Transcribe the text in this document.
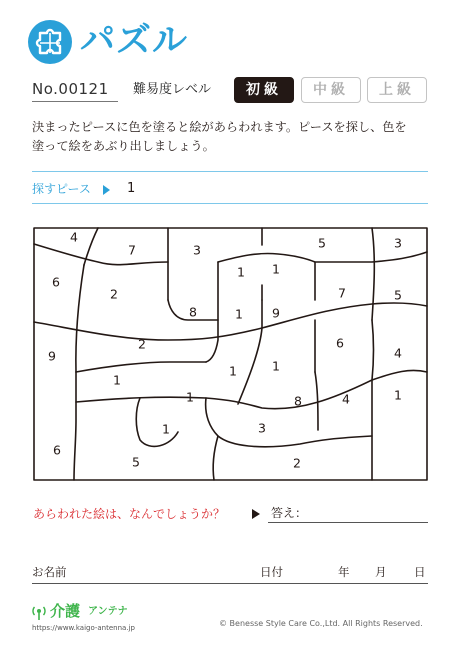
パズル
No.00121	難易度レベル	初級	中級	上級
決まったピースに色を塗ると絵があらわれます。ピースを探し、色を
塗って絵をあぶり出しましょう。
探すピース	1
4
7	3	5	3
1 1
6
2
8	1 9
7	5
2
9
1	1
6
4
1
1	8	4	1
1	3
6
5	2
あらわれた絵は、なんでしょうか？	答え：
お名前	日付	年 月 日
介護 アンテナ
https://www.kaigo-antenna.jp	© Benesse Style Care Co.,Ltd. All Rights Reserved.
